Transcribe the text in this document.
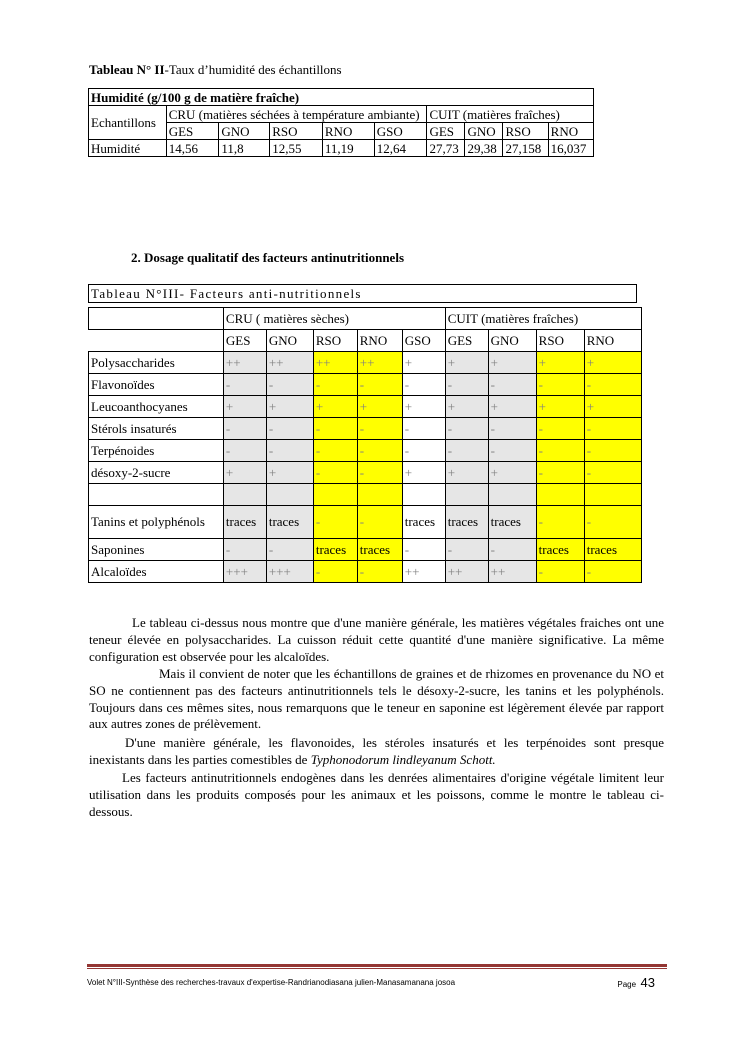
Tableau N° II-Taux d’humidité des échantillons
Humidité (g/100 g de matière fraîche)									
Echantillons	CRU (matières séchées à température ambiante)					CUIT (matières fraîches)			
	GES	GNO	RSO	RNO	GSO	GES	GNO	RSO	RNO
Humidité	14,56	11,8	12,55	11,19	12,64	27,73	29,38	27,158	16,037
2. Dosage qualitatif des facteurs antinutritionnels
Tableau N°III- Facteurs anti-nutritionnels
	CRU ( matières sèches)					CUIT (matières fraîches)			
	GES	GNO	RSO	RNO	GSO	GES	GNO	RSO	RNO
Polysaccharides	++	++	++	++	+	+	+	+	+
Flavonoïdes	-	-	-	-	-	-	-	-	-
Leucoanthocyanes	+	+	+	+	+	+	+	+	+
Stérols insaturés	-	-	-	-	-	-	-	-	-
Terpénoides	-	-	-	-	-	-	-	-	-
désoxy-2-sucre	+	+	-	-	+	+	+	-	-

Tanins et polyphénols	traces	traces	-	-	traces	traces	traces	-	-
Saponines	-	-	traces	traces	-	-	-	traces	traces
Alcaloïdes	+++	+++	-	-	++	++	++	-	-
Le tableau ci-dessus nous montre que d'une manière générale, les matières végétales fraiches ont une teneur élevée en polysaccharides. La cuisson réduit cette quantité d'une manière significative. La même configuration est observée pour les alcaloïdes.
Mais il convient de noter que les échantillons de graines et de rhizomes en provenance du NO et SO ne contiennent pas des facteurs antinutritionnels tels le désoxy-2-sucre, les tanins et les polyphénols. Toujours dans ces mêmes sites, nous remarquons que le teneur en saponine est légèrement élevée par rapport aux autres zones de prélèvement.
D'une manière générale, les flavonoides, les stéroles insaturés et les terpénoides sont presque inexistants dans les parties comestibles de Typhonodorum lindleyanum Schott.
Les facteurs antinutritionnels endogènes dans les denrées alimentaires d'origine végétale limitent leur utilisation dans les produits composés pour les animaux et les poissons, comme le montre le tableau ci-dessous.
Volet N°III-Synthèse des recherches-travaux d'expertise-Randrianodiasana julien-Manasamanana josoa	Page 43
